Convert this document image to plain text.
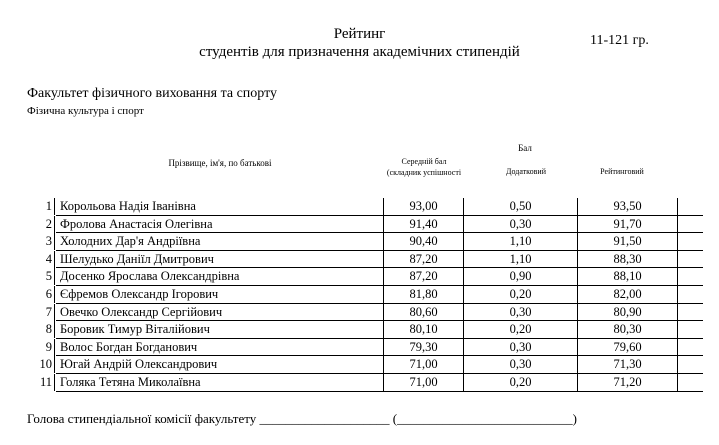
Рейтинг
студентів для призначення академічних стипендій
11-121 гр.
Факультет фізичного виховання та спорту
Фізична культура і спорт
Бал
Прізвище, ім'я, по батькові	Середній бал (складник успішності	Додатковий	Рейтинговий
1 Корольова Надія Іванівна	93,00	0,50	93,50
2 Фролова Анастасія Олегівна	91,40	0,30	91,70
3 Холодних Дар'я Андріївна	90,40	1,10	91,50
4 Шелудько Даніїл Дмитрович	87,20	1,10	88,30
5 Досенко Ярослава Олександрівна	87,20	0,90	88,10
6 Єфремов Олександр Ігорович	81,80	0,20	82,00
7 Овечко Олександр Сергійович	80,60	0,30	80,90
8 Боровик Тимур Віталійович	80,10	0,20	80,30
9 Волос Богдан Богданович	79,30	0,30	79,60
10 Югай Андрій Олександрович	71,00	0,30	71,30
11 Голяка Тетяна Миколаївна	71,00	0,20	71,20
Голова стипендіальної комісії факультету ____________________ (___________________________)
